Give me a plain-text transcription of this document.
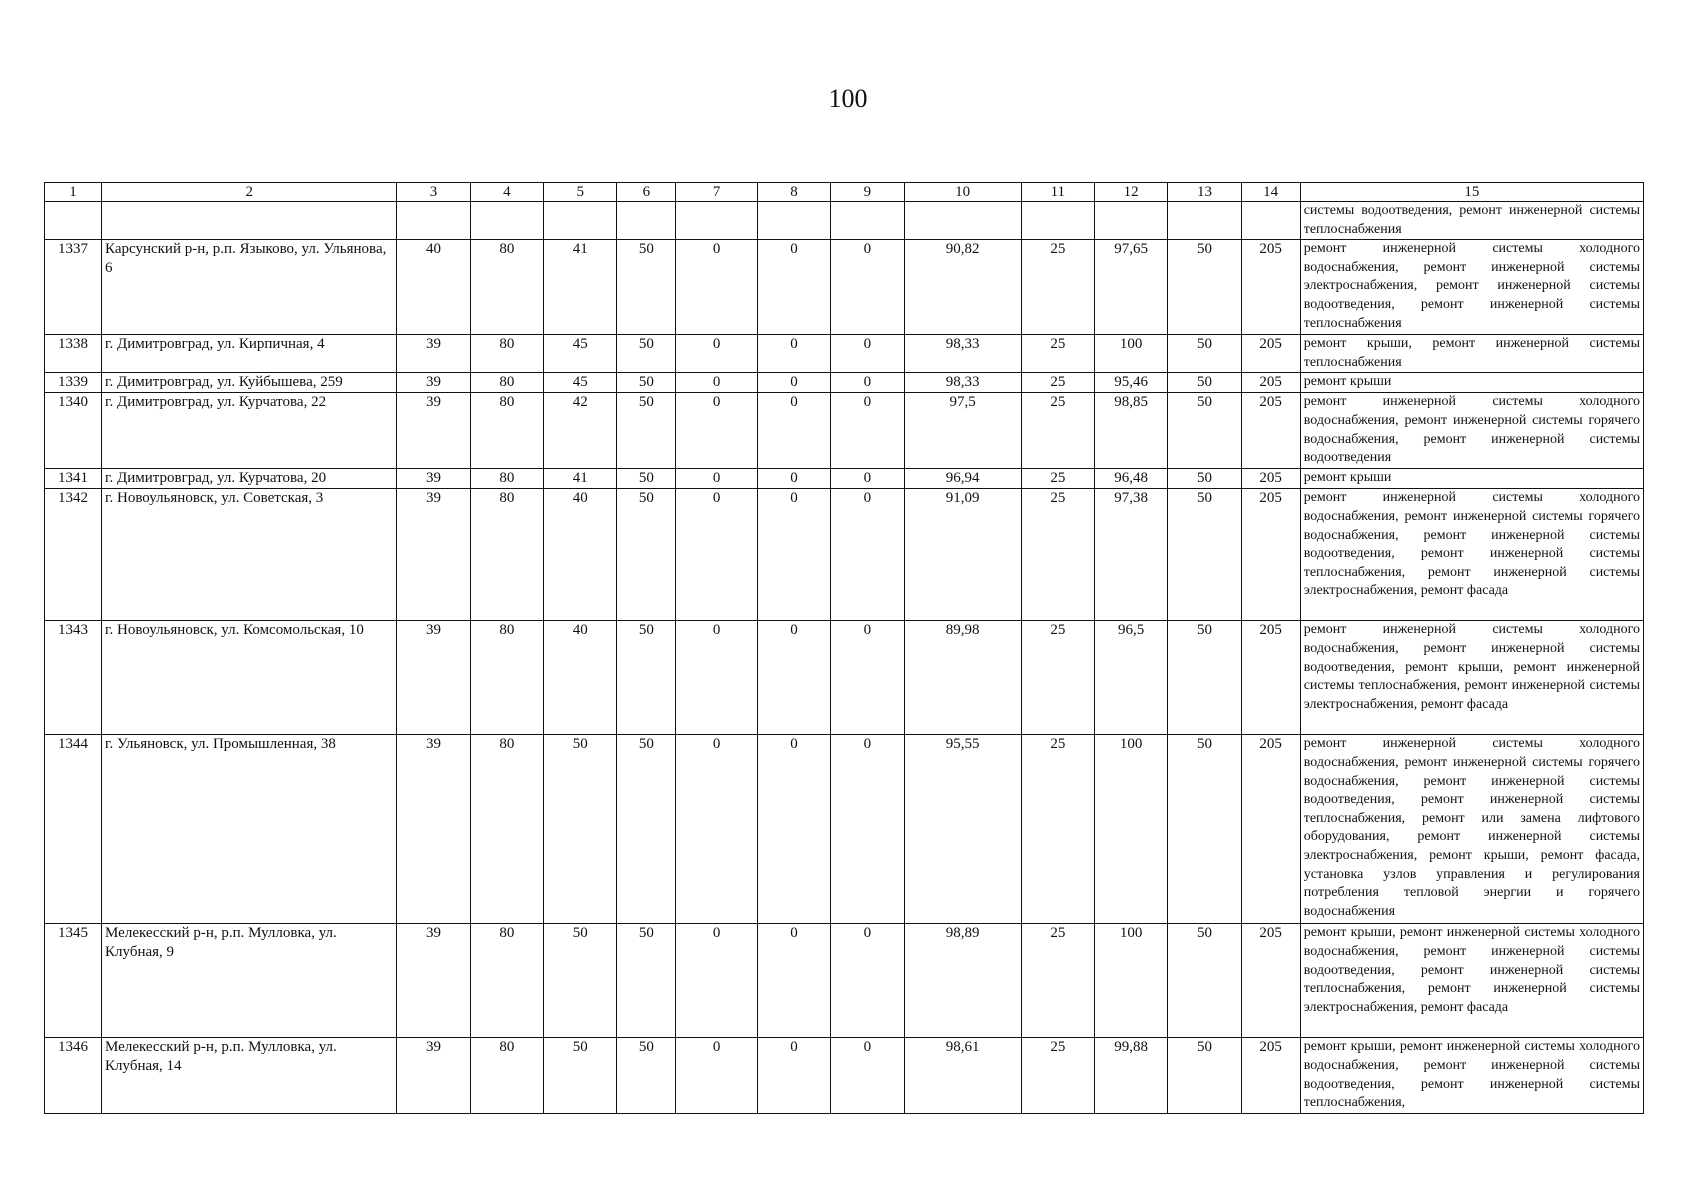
100
1	2	3	4	5	6	7	8	9	10	11	12	13	14	15
														системы водоотведения, ремонт инженерной системы теплоснабжения
1337	Карсунский р-н, р.п. Языково, ул. Ульянова, 6	40	80	41	50	0	0	0	90,82	25	97,65	50	205	ремонт инженерной системы холодного водоснабжения, ремонт инженерной системы электроснабжения, ремонт инженерной системы водоотведения, ремонт инженерной системы теплоснабжения
1338	г. Димитровград, ул. Кирпичная, 4	39	80	45	50	0	0	0	98,33	25	100	50	205	ремонт крыши, ремонт инженерной системы теплоснабжения
1339	г. Димитровград, ул. Куйбышева, 259	39	80	45	50	0	0	0	98,33	25	95,46	50	205	ремонт крыши
1340	г. Димитровград, ул. Курчатова, 22	39	80	42	50	0	0	0	97,5	25	98,85	50	205	ремонт инженерной системы холодного водоснабжения, ремонт инженерной системы горячего водоснабжения, ремонт инженерной системы водоотведения
1341	г. Димитровград, ул. Курчатова, 20	39	80	41	50	0	0	0	96,94	25	96,48	50	205	ремонт крыши
1342	г. Новоульяновск, ул. Советская, 3	39	80	40	50	0	0	0	91,09	25	97,38	50	205	ремонт инженерной системы холодного водоснабжения, ремонт инженерной системы горячего водоснабжения, ремонт инженерной системы водоотведения, ремонт инженерной системы теплоснабжения, ремонт инженерной системы электроснабжения, ремонт фасада
1343	г. Новоульяновск, ул. Комсомольская, 10	39	80	40	50	0	0	0	89,98	25	96,5	50	205	ремонт инженерной системы холодного водоснабжения, ремонт инженерной системы водоотведения, ремонт крыши, ремонт инженерной системы теплоснабжения, ремонт инженерной системы электроснабжения, ремонт фасада
1344	г. Ульяновск, ул. Промышленная, 38	39	80	50	50	0	0	0	95,55	25	100	50	205	ремонт инженерной системы холодного водоснабжения, ремонт инженерной системы горячего водоснабжения, ремонт инженерной системы водоотведения, ремонт инженерной системы теплоснабжения, ремонт или замена лифтового оборудования, ремонт инженерной системы электроснабжения, ремонт крыши, ремонт фасада, установка узлов управления и регулирования потребления тепловой энергии и горячего водоснабжения
1345	Мелекесский р-н, р.п. Мулловка, ул. Клубная, 9	39	80	50	50	0	0	0	98,89	25	100	50	205	ремонт крыши, ремонт инженерной системы холодного водоснабжения, ремонт инженерной системы водоотведения, ремонт инженерной системы теплоснабжения, ремонт инженерной системы электроснабжения, ремонт фасада
1346	Мелекесский р-н, р.п. Мулловка, ул. Клубная, 14	39	80	50	50	0	0	0	98,61	25	99,88	50	205	ремонт крыши, ремонт инженерной системы холодного водоснабжения, ремонт инженерной системы водоотведения, ремонт инженерной системы теплоснабжения,
